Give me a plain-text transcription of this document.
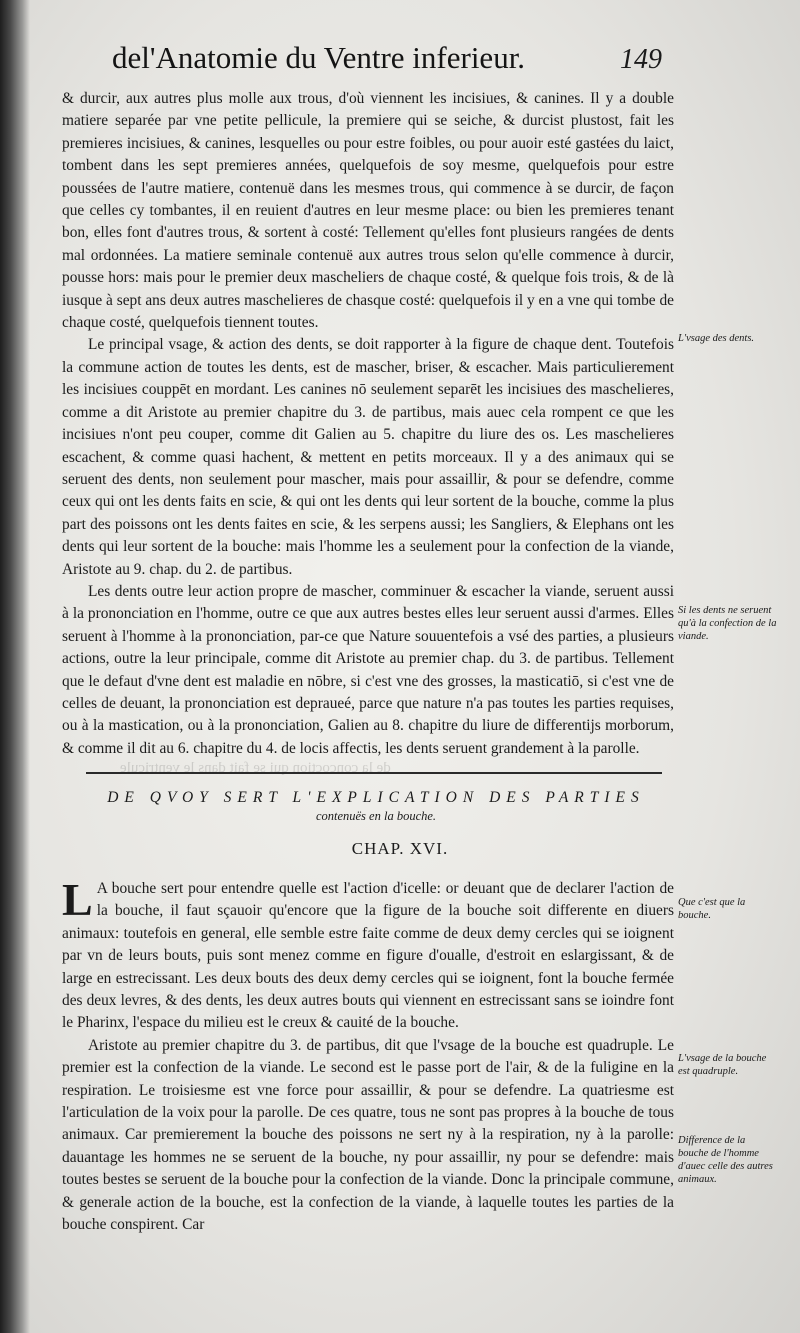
de la concoction qui se fait dans le ventricule
del'Anatomie du Ventre inferieur.	149

& durcir, aux autres plus molle aux trous, d'où viennent les incisiues, & canines. Il y a double matiere separée par vne petite pellicule, la premiere qui se seiche, & durcist plustost, fait les premieres incisiues, & canines, lesquelles ou pour estre foibles, ou pour auoir esté gastées du laict, tombent dans les sept premieres années, quelquefois de soy mesme, quelquefois pour estre poussées de l'autre matiere, contenuë dans les mesmes trous, qui commence à se durcir, de façon que celles cy tombantes, il en reuient d'autres en leur mesme place: ou bien les premieres tenant bon, elles font d'autres trous, & sortent à costé: Tellement qu'elles font plusieurs rangées de dents mal ordonnées. La matiere seminale contenuë aux autres trous selon qu'elle commence à durcir, pousse hors: mais pour le premier deux mascheliers de chaque costé, & quelque fois trois, & de là iusque à sept ans deux autres maschelieres de chasque costé: quelquefois il y en a vne qui tombe de chaque costé, quelquefois tiennent toutes.

Le principal vsage, & action des dents, se doit rapporter à la figure de chaque dent. Toutefois la commune action de toutes les dents, est de mascher, briser, & escacher. Mais particulierement les incisiues couppēt en mordant. Les canines nō seulement separēt les incisiues des maschelieres, comme a dit Aristote au premier chapitre du 3. de partibus, mais auec cela rompent ce que les incisiues n'ont peu couper, comme dit Galien au 5. chapitre du liure des os. Les maschelieres escachent, & comme quasi hachent, & mettent en petits morceaux. Il y a des animaux qui se seruent des dents, non seulement pour mascher, mais pour assaillir, & pour se defendre, comme ceux qui ont les dents faits en scie, & qui ont les dents qui leur sortent de la bouche, comme la plus part des poissons ont les dents faites en scie, & les serpens aussi; les Sangliers, & Elephans ont les dents qui leur sortent de la bouche: mais l'homme les a seulement pour la confection de la viande, Aristote au 9. chap. du 2. de partibus.

Les dents outre leur action propre de mascher, comminuer & escacher la viande, seruent aussi à la prononciation en l'homme, outre ce que aux autres bestes elles leur seruent aussi d'armes. Elles seruent à l'homme à la prononciation, par-ce que Nature souuentefois a vsé des parties, a plusieurs actions, outre la leur principale, comme dit Aristote au premier chap. du 3. de partibus. Tellement que le defaut d'vne dent est maladie en nōbre, si c'est vne des grosses, la masticatiō, si c'est vne de celles de deuant, la prononciation est depraueé, parce que nature n'a pas toutes les parties requises, ou à la mastication, ou à la prononciation, Galien au 8. chapitre du liure de differentijs morborum, & comme il dit au 6. chapitre du 4. de locis affectis, les dents seruent grandement à la parolle.

DE QVOY SERT L'EXPLICATION DES PARTIES
contenuës en la bouche.
CHAP. XVI.

L A bouche sert pour entendre quelle est l'action d'icelle: or deuant que de declarer l'action de la bouche, il faut sçauoir qu'encore que la figure de la bouche soit differente en diuers animaux: toutefois en general, elle semble estre faite comme de deux demy cercles qui se ioignent par vn de leurs bouts, puis sont menez comme en figure d'oualle, d'estroit en eslargissant, & de large en estrecissant. Les deux bouts des deux demy cercles qui se ioignent, font la bouche fermée des deux levres, & des dents, les deux autres bouts qui viennent en estrecissant sans se ioindre font le Pharinx, l'espace du milieu est le creux & cauité de la bouche.

Aristote au premier chapitre du 3. de partibus, dit que l'vsage de la bouche est quadruple. Le premier est la confection de la viande. Le second est le passe port de l'air, & de la fuligine en la respiration. Le troisiesme est vne force pour assaillir, & pour se defendre. La quatriesme est l'articulation de la voix pour la parolle. De ces quatre, tous ne sont pas propres à la bouche de tous animaux. Car premierement la bouche des poissons ne sert ny à la respiration, ny à la parolle: dauantage les hommes ne se seruent de la bouche, ny pour assaillir, ny pour se defendre: mais toutes bestes se seruent de la bouche pour la confection de la viande. Donc la principale commune, & generale action de la bouche, est la confection de la viande, à laquelle toutes les parties de la bouche conspirent. Car

L'vsage des dents.
Si les dents ne seruent qu'à la confection de la viande.
Que c'est que la bouche.
L'vsage de la bouche est quadruple.
Difference de la bouche de l'homme d'auec celle des autres animaux.
